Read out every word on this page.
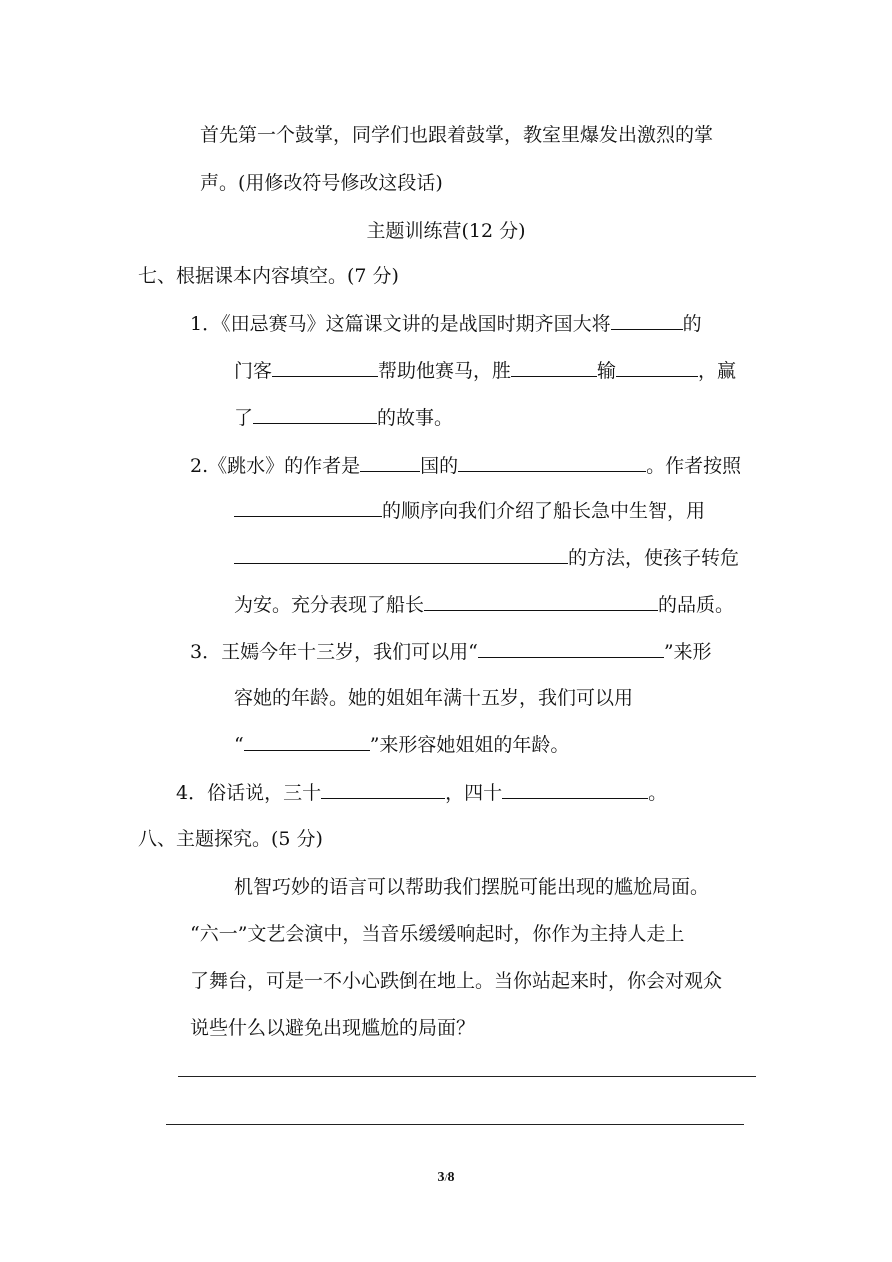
首先第一个鼓掌，同学们也跟着鼓掌，教室里爆发出激烈的掌
声。(用修改符号修改这段话)
主题训练营(12 分)
七、根据课本内容填空。(7 分)
1．《田忌赛马》这篇课文讲的是战国时期齐国大将	的
门客	帮助他赛马，胜	输	，赢
了	的故事。
2.《跳水》的作者是	国的	。作者按照
的顺序向我们介绍了船长急中生智，用
的方法，使孩子转危
为安。充分表现了船长	的品质。
3．王嫣今年十三岁，我们可以用“	”来形
容她的年龄。她的姐姐年满十五岁，我们可以用
“	”来形容她姐姐的年龄。
4．俗话说，三十	，四十	。
八、主题探究。(5 分)
机智巧妙的语言可以帮助我们摆脱可能出现的尴尬局面。
“六一”文艺会演中，当音乐缓缓响起时，你作为主持人走上
了舞台，可是一不小心跌倒在地上。当你站起来时，你会对观众
说些什么以避免出现尴尬的局面？
3/8
